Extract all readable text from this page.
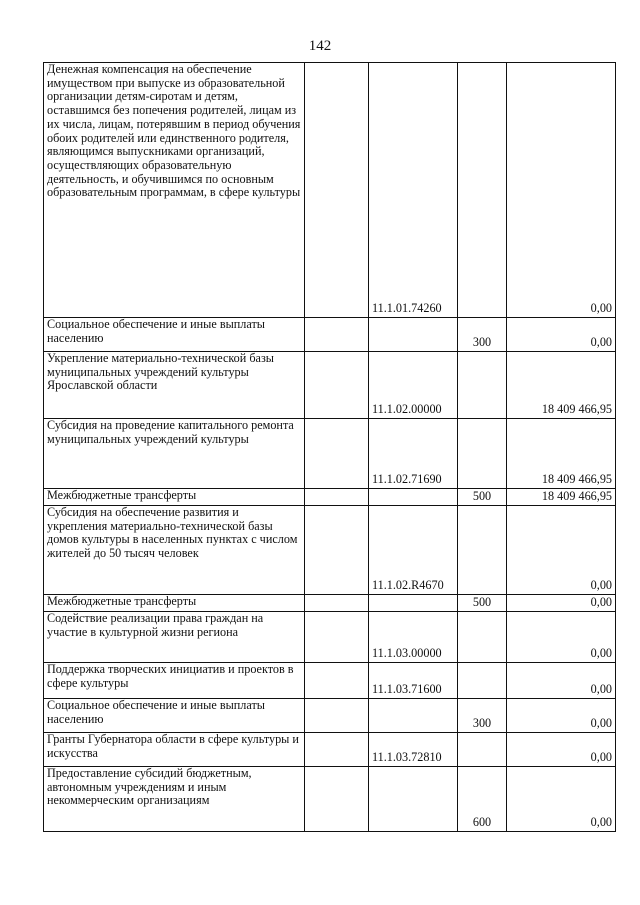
142
Денежная компенсация на обеспечение имуществом при выпуске из образовательной организации детям-сиротам и детям, оставшимся без попечения родителей, лицам из их числа, лицам, потерявшим в период обучения обоих родителей или единственного родителя, являющимся выпускниками организаций, осуществляющих образовательную деятельность, и обучившимся по основным образовательным программам, в сфере культуры		11.1.01.74260		0,00
Социальное обеспечение и иные выплаты населению			300	0,00
Укрепление материально-технической базы муниципальных учреждений культуры Ярославской области		11.1.02.00000		18 409 466,95
Субсидия на проведение капитального ремонта муниципальных учреждений культуры		11.1.02.71690		18 409 466,95
Межбюджетные трансферты			500	18 409 466,95
Субсидия на обеспечение развития и укрепления материально-технической базы домов культуры в населенных пунктах с числом жителей до 50 тысяч человек		11.1.02.R4670		0,00
Межбюджетные трансферты			500	0,00
Содействие реализации права граждан на участие в культурной жизни региона		11.1.03.00000		0,00
Поддержка творческих инициатив и проектов в сфере культуры		11.1.03.71600		0,00
Социальное обеспечение и иные выплаты населению			300	0,00
Гранты Губернатора области в сфере культуры и искусства		11.1.03.72810		0,00
Предоставление субсидий бюджетным, автономным учреждениям и иным некоммерческим организациям			600	0,00
